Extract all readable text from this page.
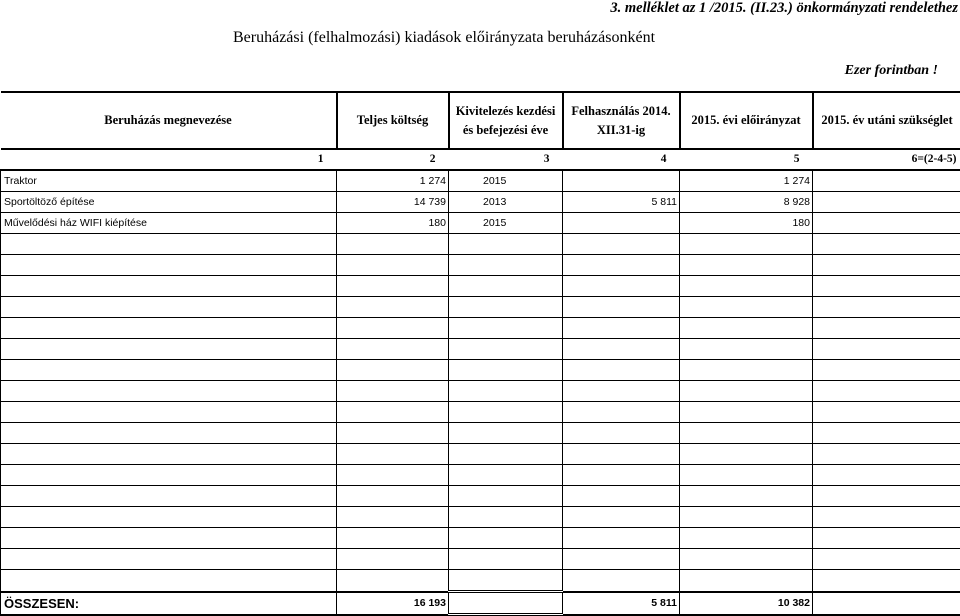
3. melléklet az 1 /2015. (II.23.) önkormányzati rendelethez
Beruházási (felhalmozási) kiadások előirányzata beruházásonként
Ezer forintban !
Beruházás megnevezése	Teljes költség	Kivitelezés kezdési és befejezési éve	Felhasználás 2014. XII.31-ig	2015. évi előirányzat	2015. év utáni szükséglet
1	2	3	4	5	6=(2-4-5)
Traktor	1 274	2015		1 274	
Sportöltöző építése	14 739	2013	5 811	8 928	
Művelődési ház WIFI kiépítése	180	2015		180	

ÖSSZESEN:	16 193		5 811	10 382	
